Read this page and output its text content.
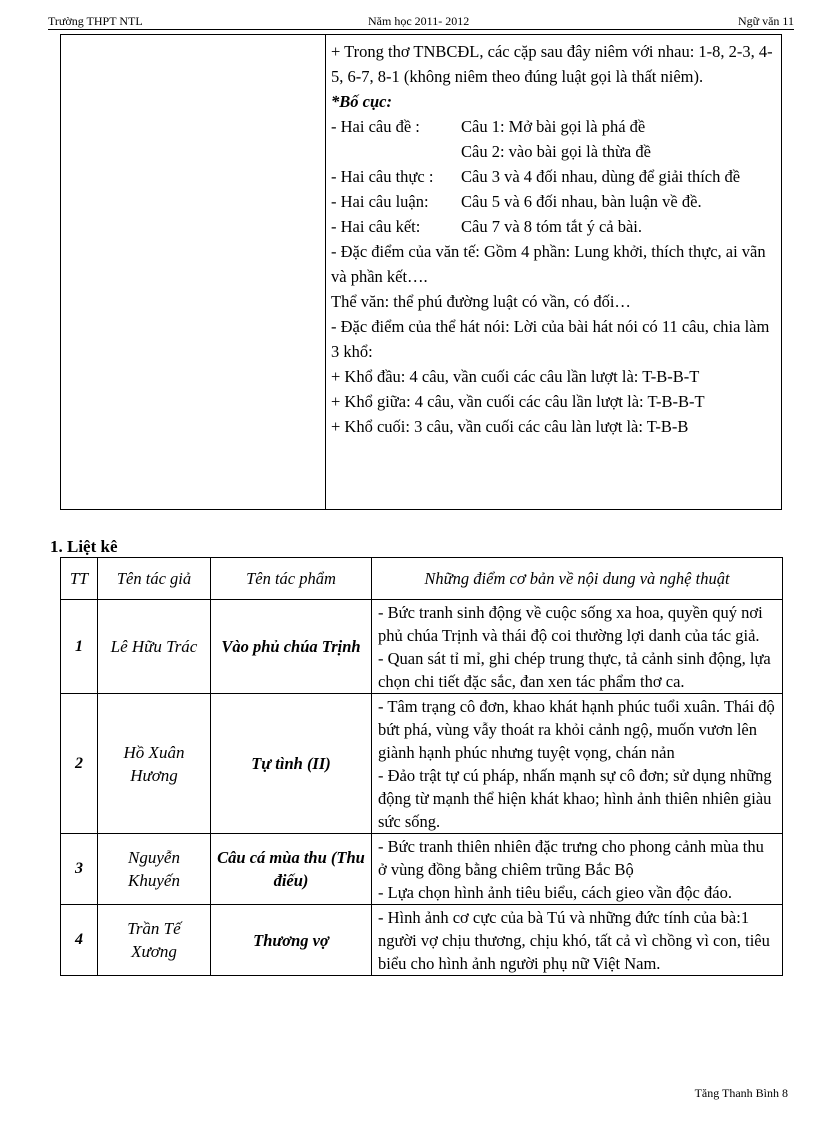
Trường THPT NTL	Năm học 2011- 2012	Ngữ văn 11

+ Trong thơ TNBCĐL, các cặp sau đây niêm với nhau: 1-8, 2-3, 4-5, 6-7, 8-1 (không niêm theo đúng luật gọi là thất niêm).

*Bố cục:

- Hai câu đề :	Câu 1: Mở bài gọi là phá đề

Câu 2: vào bài gọi là thừa đề

- Hai câu thực :	Câu 3 và 4 đối nhau, dùng để giải thích đề
- Hai câu luận:	Câu 5 và 6 đối nhau, bàn luận về đề.
- Hai câu kết:	Câu 7 và 8 tóm tắt ý cả bài.

- Đặc điểm của văn tế: Gồm 4 phần: Lung khởi, thích thực, ai vãn và phần kết….

Thể văn: thể phú đường luật có vần, có đối…

- Đặc điểm của thể hát nói: Lời của bài hát nói có 11 câu, chia làm 3 khổ:

+ Khổ đầu: 4 câu, vần cuối các câu lần lượt là: T-B-B-T

+ Khổ giữa: 4 câu, vần cuối các câu lần lượt là: T-B-B-T

+ Khổ cuối: 3 câu, vần cuối các câu làn lượt là: T-B-B

1. Liệt kê
TT	Tên tác giả	Tên tác phẩm	Những điểm cơ bản về nội dung và nghệ thuật
1	Lê Hữu Trác	Vào phủ chúa Trịnh	- Bức tranh sinh động về cuộc sống xa hoa, quyền quý nơi phủ chúa Trịnh và thái độ coi thường lợi danh của tác giả.

- Quan sát tỉ mỉ, ghi chép trung thực, tả cảnh sinh động, lựa chọn chi tiết đặc sắc, đan xen tác phẩm thơ ca.

2	Hồ Xuân Hương	Tự tình (II)	- Tâm trạng cô đơn, khao khát hạnh phúc tuổi xuân. Thái độ bứt phá, vùng vẫy thoát ra khỏi cảnh ngộ, muốn vươn lên giành hạnh phúc nhưng tuyệt vọng, chán nản

- Đảo trật tự cú pháp, nhấn mạnh sự cô đơn; sử dụng những động từ mạnh thể hiện khát khao; hình ảnh thiên nhiên giàu sức sống.

3	Nguyễn Khuyến	Câu cá mùa thu (Thu điếu)	- Bức tranh thiên nhiên đặc trưng cho phong cảnh mùa thu ở vùng đồng bằng chiêm trũng Bắc Bộ

- Lựa chọn hình ảnh tiêu biểu, cách gieo vần độc đáo.

4	Trần Tế Xương	Thương vợ	- Hình ảnh cơ cực của bà Tú và những đức tính của bà:1 người vợ chịu thương, chịu khó, tất cả vì chồng vì con, tiêu biểu cho hình ảnh người phụ nữ Việt Nam.

Tăng Thanh Bình 8
